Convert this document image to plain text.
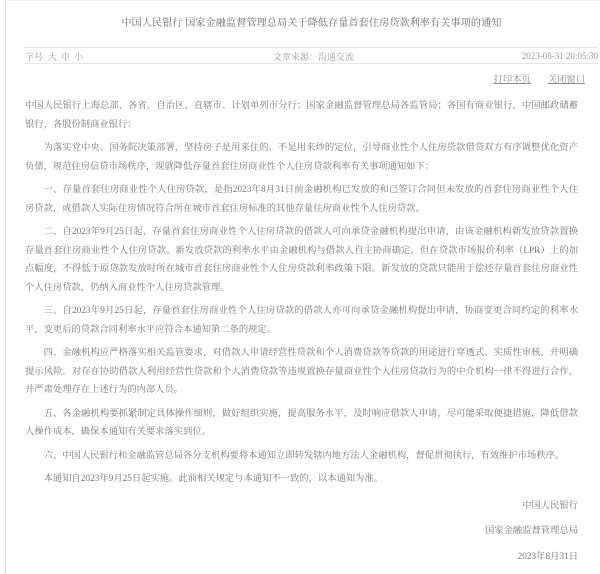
中国人民银行 国家金融监督管理总局关于降低存量首套住房贷款利率有关事项的通知
字号 大 中 小	文章来源：沟通交流	2023-08-31 20:05:30
打印本页 关闭窗口

中国人民银行上海总部，各省、自治区、直辖市、计划单列市分行；国家金融监督管理总局各监管局；各国有商业银行，中国邮政储蓄银行，各股份制商业银行：

为落实党中央、国务院决策部署，坚持房子是用来住的、不是用来炒的定位，引导商业性个人住房贷款借贷双方有序调整优化资产负债，规范住房信贷市场秩序，现就降低存量首套住房商业性个人住房贷款利率有关事项通知如下：

一、存量首套住房商业性个人住房贷款，是指2023年8月31日前金融机构已发放的和已签订合同但未发放的首套住房商业性个人住房贷款，或借款人实际住房情况符合所在城市首套住房标准的其他存量住房商业性个人住房贷款。

二、自2023年9月25日起，存量首套住房商业性个人住房贷款的借款人可向承贷金融机构提出申请，由该金融机构新发放贷款置换存量首套住房商业性个人住房贷款。新发放贷款的利率水平由金融机构与借款人自主协商确定，但在贷款市场报价利率（LPR）上的加点幅度，不得低于原贷款发放时所在城市首套住房商业性个人住房贷款利率政策下限。新发放的贷款只能用于偿还存量首套住房商业性个人住房贷款，仍纳入商业性个人住房贷款管理。

三、自2023年9月25日起，存量首套住房商业性个人住房贷款的借款人亦可向承贷金融机构提出申请，协商变更合同约定的利率水平，变更后的贷款合同利率水平应符合本通知第二条的规定。

四、金融机构应严格落实相关监管要求，对借款人申请经营性贷款和个人消费贷款等贷款的用途进行穿透式、实质性审核，并明确提示风险。对存在协助借款人利用经营性贷款和个人消费贷款等违规置换存量商业性个人住房贷款行为的中介机构一律不得进行合作，并严肃处理存在上述行为的内部人员。

五、各金融机构要抓紧制定具体操作细则，做好组织实施，提高服务水平，及时响应借款人申请，尽可能采取便捷措施，降低借款人操作成本，确保本通知有关要求落实到位。

六、中国人民银行和金融监管总局各分支机构要将本通知立即转发辖内地方法人金融机构，督促贯彻执行，有效维护市场秩序。

本通知自2023年9月25日起实施。此前相关规定与本通知不一致的，以本通知为准。

中国人民银行

国家金融监督管理总局

2023年8月31日
